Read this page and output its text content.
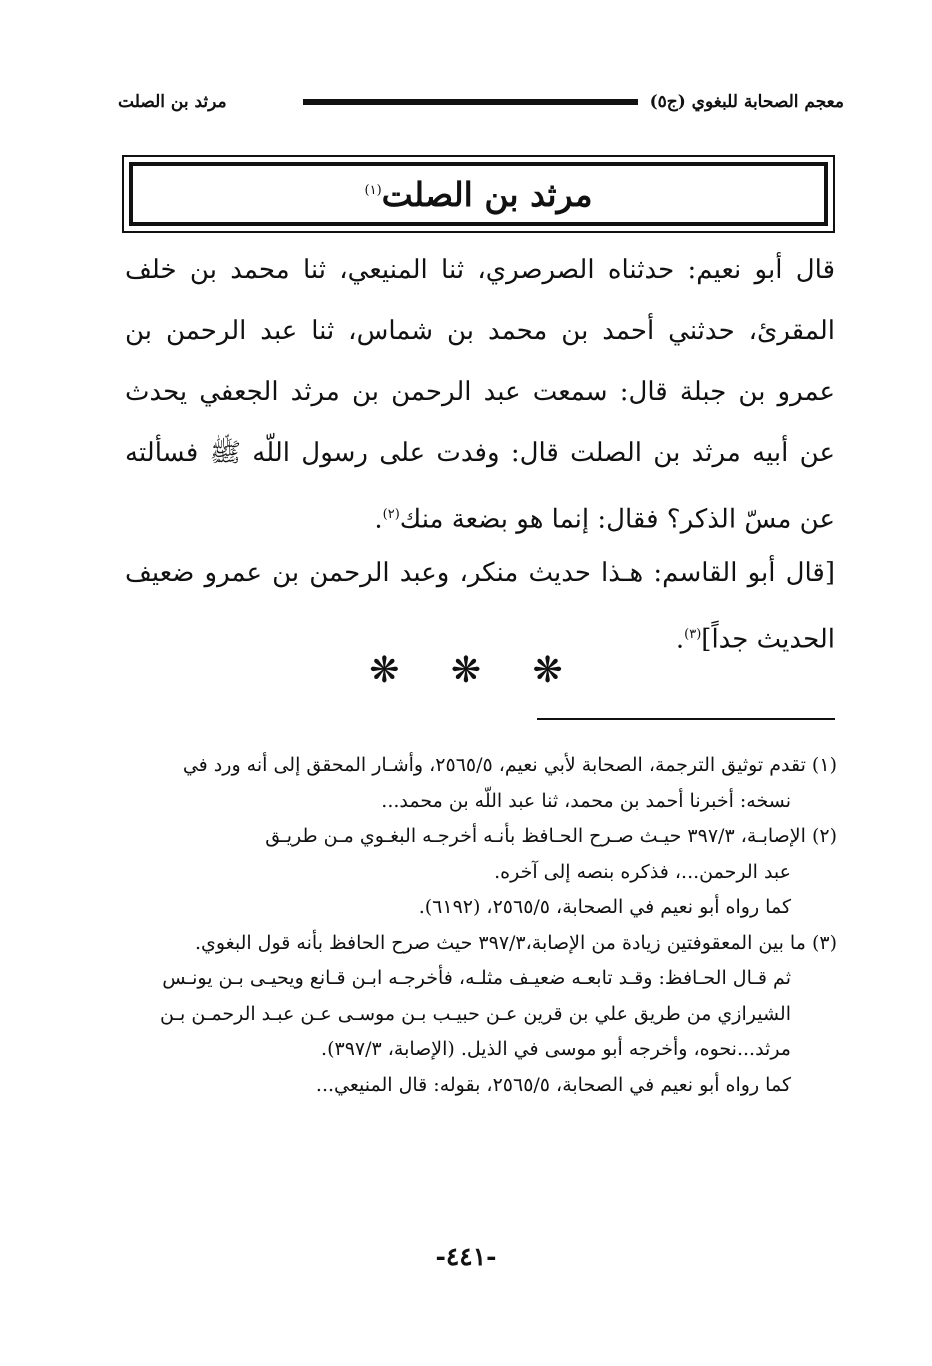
معجم الصحابة للبغوي (ج٥)
مرثد بن الصلت
مرثد بن الصلت$^{(١)}$

قال أبو نعيم: حدثناه الصرصري، ثنا المنيعي، ثنا محمد بن خلف المقرئ، حدثني أحمد بن محمد بن شماس، ثنا عبد الرحمن بن عمرو بن جبلة قال: سمعت عبد الرحمن بن مرثد الجعفي يحدث عن أبيه مرثد بن الصلت قال: وفدت على رسول اللّه ﷺ فسألته عن مسّ الذكر؟ فقال: إنما هو بضعة منك$^{(٢)}$.

[قال أبو القاسم: هـذا حديث منكر، وعبد الرحمن بن عمرو ضعيف الحديث جداً]$^{(٣)}$.

❋ ❋ ❋

(١) تقدم توثيق الترجمة، الصحابة لأبي نعيم، ٢٥٦٥/٥، وأشـار المحقق إلى أنه ورد في

نسخه: أخبرنا أحمد بن محمد، ثنا عبد اللّه بن محمد...

(٢) الإصابـة، ٣٩٧/٣ حيـث صـرح الحـافظ بأنـه أخرجـه البغـوي مـن طريـق

عبد الرحمن...، فذكره بنصه إلى آخره.

كما رواه أبو نعيم في الصحابة، ٢٥٦٥/٥، (٦١٩٢).

(٣) ما بين المعقوفتين زيادة من الإصابة،٣٩٧/٣ حيث صرح الحافظ بأنه قول البغوي.

ثم قـال الحـافظ: وقـد تابعـه ضعيـف مثلـه، فأخرجـه ابـن قـانع ويحيـى بـن يونـس

الشيرازي من طريق علي بن قرين عـن حبيـب بـن موسـى عـن عبـد الرحمـن بـن

مرثد...نحوه، وأخرجه أبو موسى في الذيل. (الإصابة، ٣٩٧/٣).

كما رواه أبو نعيم في الصحابة، ٢٥٦٥/٥، بقوله: قال المنيعي...

-٤٤١-
